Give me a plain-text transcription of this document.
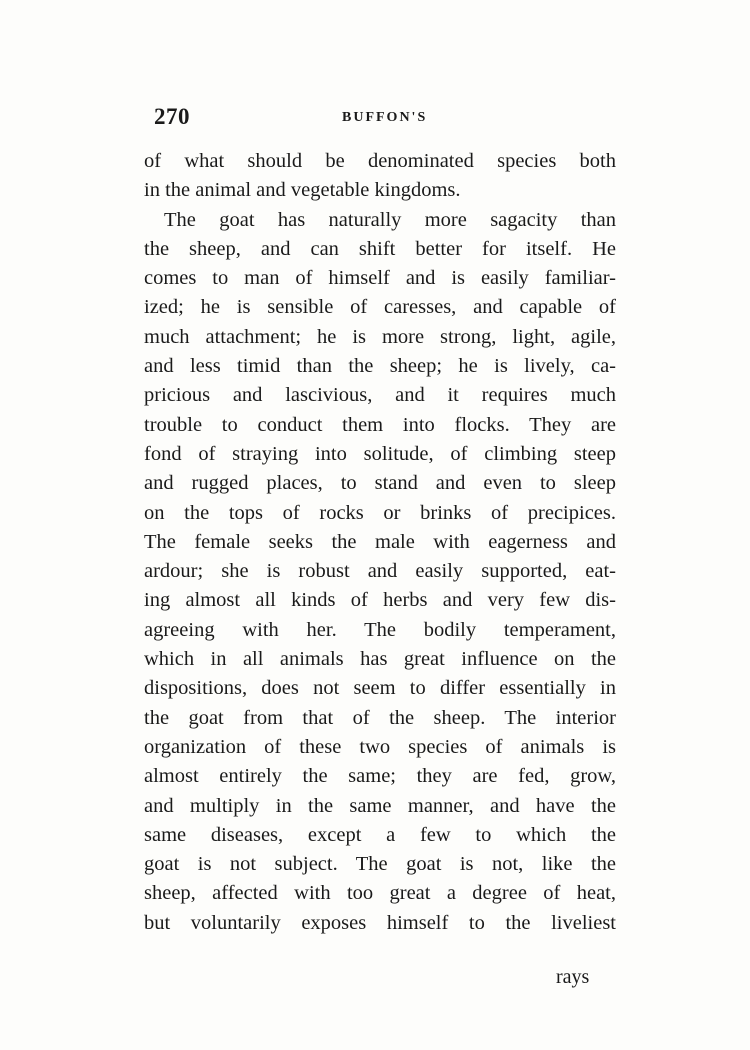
270	BUFFON'S
of what should be denominated species both
in the animal and vegetable kingdoms.
The goat has naturally more sagacity than
the sheep, and can shift better for itself. He
comes to man of himself and is easily familiar-
ized; he is sensible of caresses, and capable of
much attachment; he is more strong, light, agile,
and less timid than the sheep; he is lively, ca-
pricious and lascivious, and it requires much
trouble to conduct them into flocks. They are
fond of straying into solitude, of climbing steep
and rugged places, to stand and even to sleep
on the tops of rocks or brinks of precipices.
The female seeks the male with eagerness and
ardour; she is robust and easily supported, eat-
ing almost all kinds of herbs and very few dis-
agreeing with her. The bodily temperament,
which in all animals has great influence on the
dispositions, does not seem to differ essentially in
the goat from that of the sheep. The interior
organization of these two species of animals is
almost entirely the same; they are fed, grow,
and multiply in the same manner, and have the
same diseases, except a few to which the
goat is not subject. The goat is not, like the
sheep, affected with too great a degree of heat,
but voluntarily exposes himself to the liveliest
rays
